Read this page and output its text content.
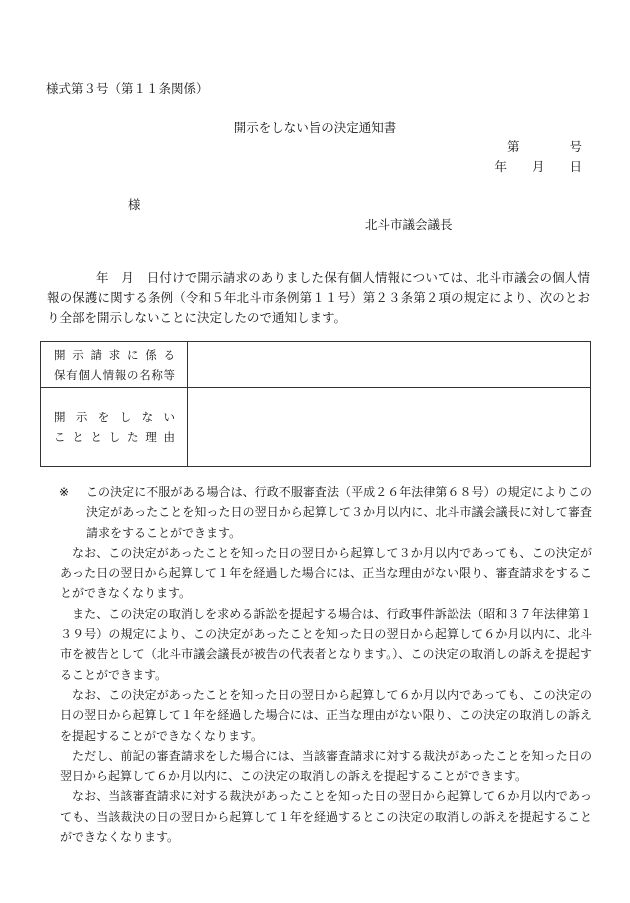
様式第３号（第１１条関係）
開示をしない旨の決定通知書
第　　　　号
年　　月　　日
様
北斗市議会議長

年　月　日付けで開示請求のありました保有個人情報については、北斗市議会の個人情報の保護に関する条例（令和５年北斗市条例第１１号）第２３条第２項の規定により、次のとおり全部を開示しないことに決定したので通知します。

開示請求に係る
保有個人情報の名称等	

開示をしない
こととした理由	

※	この決定に不服がある場合は、行政不服審査法（平成２６年法律第６８号）の規定によりこの決定があったことを知った日の翌日から起算して３か月以内に、北斗市議会議長に対して審査請求をすることができます。

なお、この決定があったことを知った日の翌日から起算して３か月以内であっても、この決定があった日の翌日から起算して１年を経過した場合には、正当な理由がない限り、審査請求をすることができなくなります。

また、この決定の取消しを求める訴訟を提起する場合は、行政事件訴訟法（昭和３７年法律第１３９号）の規定により、この決定があったことを知った日の翌日から起算して６か月以内に、北斗市を被告として（北斗市議会議長が被告の代表者となります。）、この決定の取消しの訴えを提起することができます。

なお、この決定があったことを知った日の翌日から起算して６か月以内であっても、この決定の日の翌日から起算して１年を経過した場合には、正当な理由がない限り、この決定の取消しの訴えを提起することができなくなります。

ただし、前記の審査請求をした場合には、当該審査請求に対する裁決があったことを知った日の翌日から起算して６か月以内に、この決定の取消しの訴えを提起することができます。

なお、当該審査請求に対する裁決があったことを知った日の翌日から起算して６か月以内であっても、当該裁決の日の翌日から起算して１年を経過するとこの決定の取消しの訴えを提起することができなくなります。
